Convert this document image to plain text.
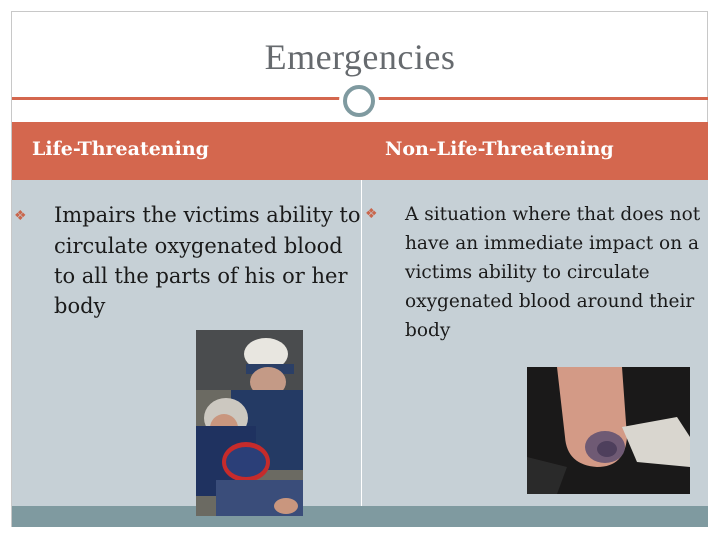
Emergencies
Life-Threatening	Non-Life-Threatening
❖ Impairs the victims ability to circulate oxygenated blood to all the parts of his or her body
❖ A situation where that does not have an immediate impact on a victims ability to circulate oxygenated blood around their body
